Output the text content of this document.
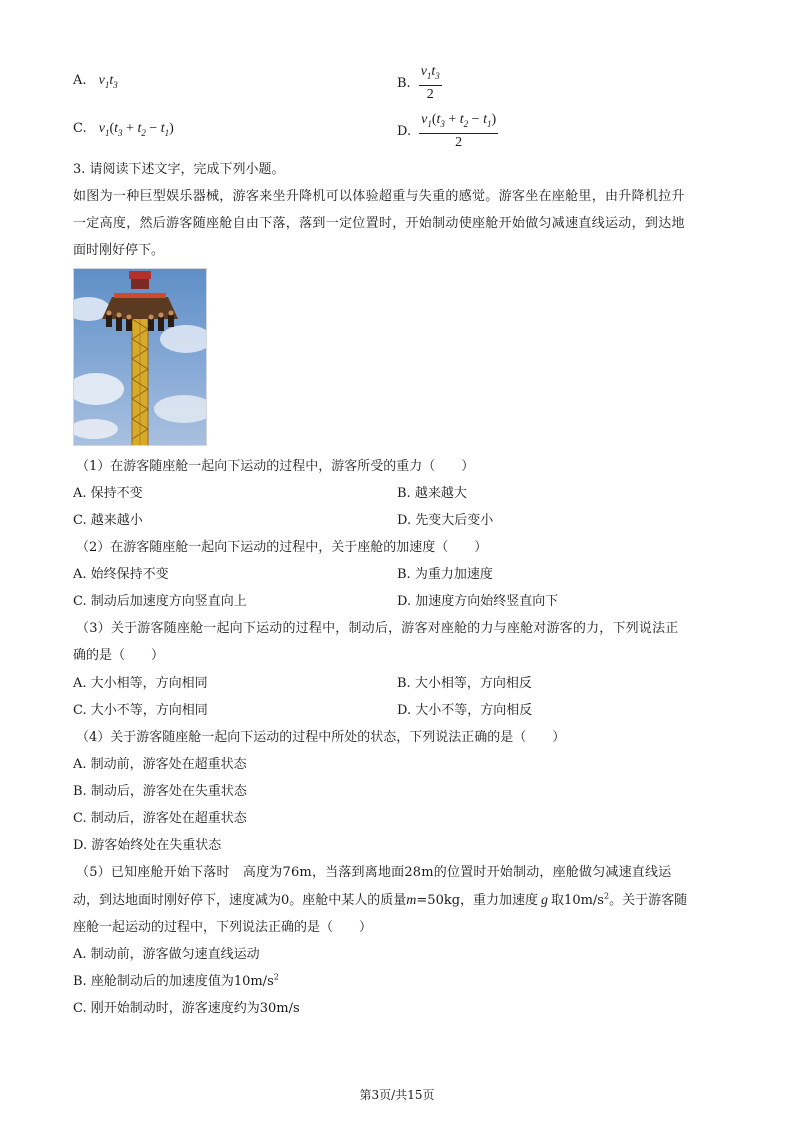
A. $v_1t_3$	B. $\frac{v_1t_3}{2}$
C. $v_1(t_3 + t_2 - t_1)$	D. $\frac{v_1(t_3 + t_2 - t_1)}{2}$
3. 请阅读下述文字，完成下列小题。
如图为一种巨型娱乐器械，游客来坐升降机可以体验超重与失重的感觉。游客坐在座舱里，由升降机拉升
一定高度，然后游客随座舱自由下落，落到一定位置时，开始制动使座舱开始做匀减速直线运动，到达地
面时刚好停下。
（1）在游客随座舱一起向下运动的过程中，游客所受的重力（　　）
A. 保持不变	B. 越来越大
C. 越来越小	D. 先变大后变小
（2）在游客随座舱一起向下运动的过程中，关于座舱的加速度（　　）
A. 始终保持不变	B. 为重力加速度
C. 制动后加速度方向竖直向上	D. 加速度方向始终竖直向下
（3）关于游客随座舱一起向下运动的过程中，制动后，游客对座舱的力与座舱对游客的力，下列说法正
确的是（　　）
A. 大小相等，方向相同	B. 大小相等，方向相反
C. 大小不等，方向相同	D. 大小不等，方向相反
（4）关于游客随座舱一起向下运动的过程中所处的状态，下列说法正确的是（　　）
A. 制动前，游客处在超重状态
B. 制动后，游客处在失重状态
C. 制动后，游客处在超重状态
D. 游客始终处在失重状态
（5）已知座舱开始下落时　高度为76m，当落到离地面28m的位置时开始制动，座舱做匀减速直线运
动，到达地面时刚好停下，速度减为0。座舱中某人的质量m=50kg，重力加速度 g 取$10m/s^2$。关于游客随
座舱一起运动的过程中，下列说法正确的是（　　）
A. 制动前，游客做匀速直线运动
B. 座舱制动后的加速度值为$10m/s^2$
C. 刚开始制动时，游客速度约为30m/s
第3页/共15页
